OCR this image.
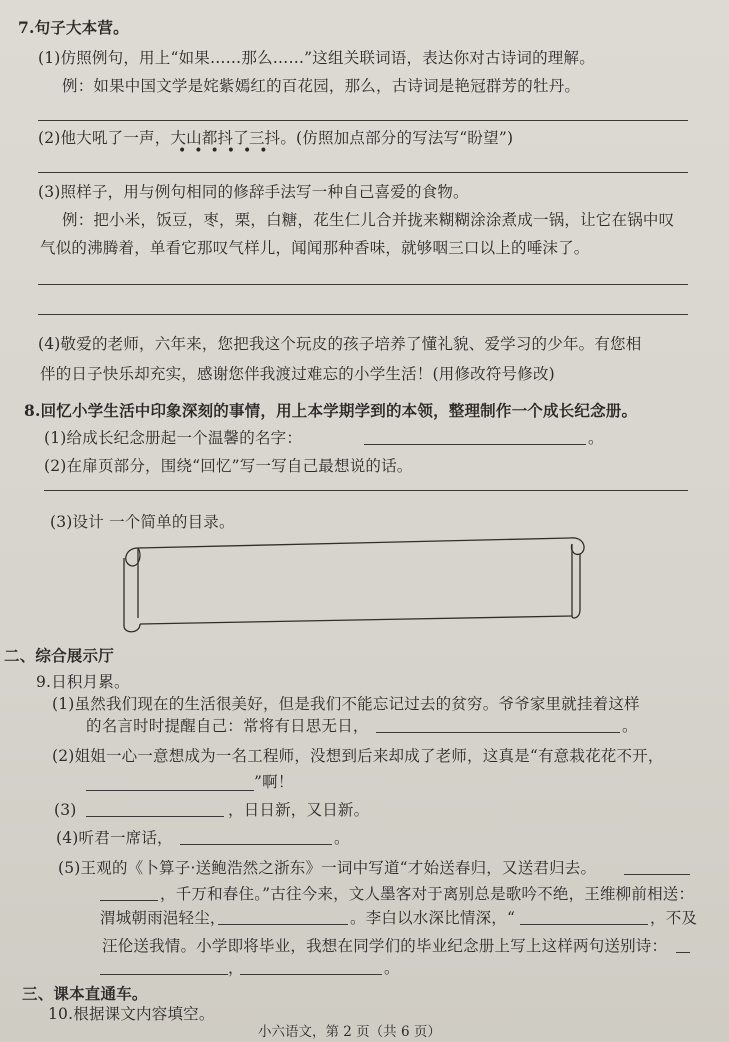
7.句子大本营。
(1)仿照例句，用上“如果……那么……”这组关联词语，表达你对古诗词的理解。
例：如果中国文学是姹紫嫣红的百花园，那么，古诗词是艳冠群芳的牡丹。
(2)他大吼了一声，大山都抖了三抖。(仿照加点部分的写法写“盼望”)
••••••
(3)照样子，用与例句相同的修辞手法写一种自己喜爱的食物。
例：把小米，饭豆，枣，栗，白糖，花生仁儿合并拢来糊糊涂涂煮成一锅，让它在锅中叹
气似的沸腾着，单看它那叹气样儿，闻闻那种香味，就够咽三口以上的唾沫了。
(4)敬爱的老师，六年来，您把我这个玩皮的孩子培养了懂礼貌、爱学习的少年。有您相
伴的日子快乐却充实，感谢您伴我渡过难忘的小学生活！(用修改符号修改)
8.回忆小学生活中印象深刻的事情，用上本学期学到的本领，整理制作一个成长纪念册。
(1)给成长纪念册起一个温馨的名字：	。
(2)在扉页部分，围绕“回忆”写一写自己最想说的话。
(3)设计 一个简单的目录。
二、综合展示厅
9.日积月累。
(1)虽然我们现在的生活很美好，但是我们不能忘记过去的贫穷。爷爷家里就挂着这样
的名言时时提醒自己：常将有日思无日，	。
(2)姐姐一心一意想成为一名工程师，没想到后来却成了老师，这真是“有意栽花花不开，
”啊！
(3)	，日日新，又日新。
(4)听君一席话，	。
(5)王观的《卜算子·送鲍浩然之浙东》一词中写道“才始送春归，又送君归去。
，千万和春住。”古往今来，文人墨客对于离别总是歌吟不绝，王维柳前相送：
渭城朝雨浥轻尘，	。李白以水深比情深，“	，不及
汪伦送我情。小学即将毕业，我想在同学们的毕业纪念册上写上这样两句送别诗：
，	。
三、课本直通车。
10.根据课文内容填空。
小六语文，第 2 页（共 6 页）
